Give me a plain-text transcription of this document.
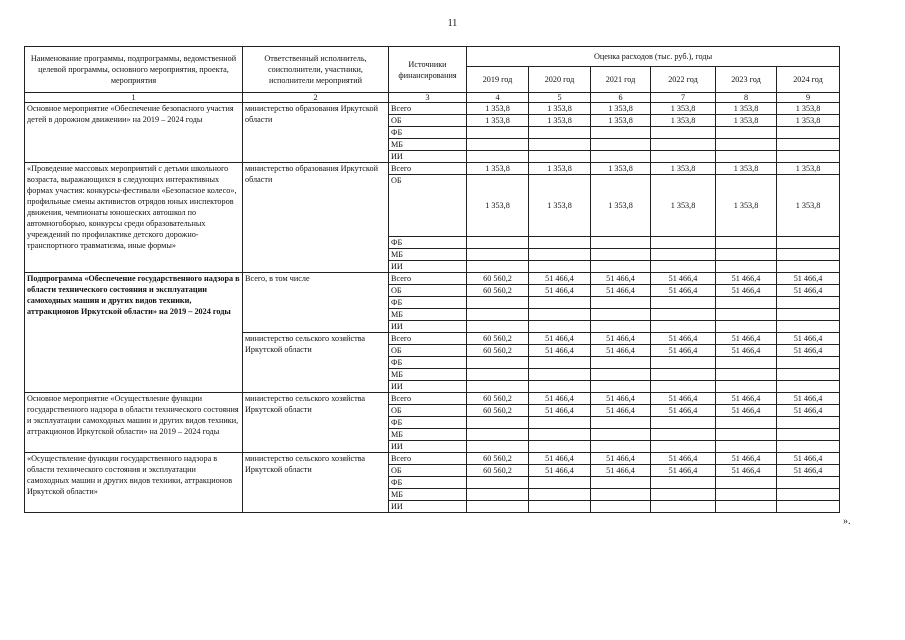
11
Наименование программы, подпрограммы, ведомственной целевой программы, основного мероприятия, проекта, мероприятия	Ответственный исполнитель, соисполнители, участники, исполнители мероприятий	Источники финансирования	Оценка расходов (тыс. руб.), годы					
			2019 год	2020 год	2021 год	2022 год	2023 год	2024 год
1	2	3	4	5	6	7	8	9
Основное мероприятие «Обеспечение безопасного участия детей в дорожном движении» на 2019 – 2024 годы	министерство образования Иркутской области	Всего	1 353,8	1 353,8	1 353,8	1 353,8	1 353,8	1 353,8
		ОБ	1 353,8	1 353,8	1 353,8	1 353,8	1 353,8	1 353,8
		ФБ						
		МБ						
		ИИ						
«Проведение массовых мероприятий с детьми школьного возраста, выражающихся в следующих интерактивных формах участия: конкурсы-фестивали «Безопасное колесо», профильные смены активистов отрядов юных инспекторов движения, чемпионаты юношеских автошкол по автомногоборью, конкурсы среди образовательных учреждений по профилактике детского дорожно-транспортного травматизма, иные формы»	министерство образования Иркутской области	Всего	1 353,8	1 353,8	1 353,8	1 353,8	1 353,8	1 353,8
		ОБ	1 353,8	1 353,8	1 353,8	1 353,8	1 353,8	1 353,8
		ФБ						
		МБ						
		ИИ						
Подпрограмма «Обеспечение государственного надзора в области технического состояния и эксплуатации самоходных машин и других видов техники, аттракционов Иркутской области» на 2019 – 2024 годы	Всего, в том числе	Всего	60 560,2	51 466,4	51 466,4	51 466,4	51 466,4	51 466,4
		ОБ	60 560,2	51 466,4	51 466,4	51 466,4	51 466,4	51 466,4
		ФБ						
		МБ						
		ИИ						
	министерство сельского хозяйства Иркутской области	Всего	60 560,2	51 466,4	51 466,4	51 466,4	51 466,4	51 466,4
		ОБ	60 560,2	51 466,4	51 466,4	51 466,4	51 466,4	51 466,4
		ФБ						
		МБ						
		ИИ						
Основное мероприятие «Осуществление функции государственного надзора в области технического состояния и эксплуатации самоходных машин и других видов техники, аттракционов Иркутской области» на 2019 – 2024 годы	министерство сельского хозяйства Иркутской области	Всего	60 560,2	51 466,4	51 466,4	51 466,4	51 466,4	51 466,4
		ОБ	60 560,2	51 466,4	51 466,4	51 466,4	51 466,4	51 466,4
		ФБ						
		МБ						
		ИИ						
«Осуществление функции государственного надзора в области технического состояния и эксплуатации самоходных машин и других видов техники, аттракционов Иркутской области»	министерство сельского хозяйства Иркутской области	Всего	60 560,2	51 466,4	51 466,4	51 466,4	51 466,4	51 466,4
		ОБ	60 560,2	51 466,4	51 466,4	51 466,4	51 466,4	51 466,4
		ФБ						
		МБ						
		ИИ						
».
